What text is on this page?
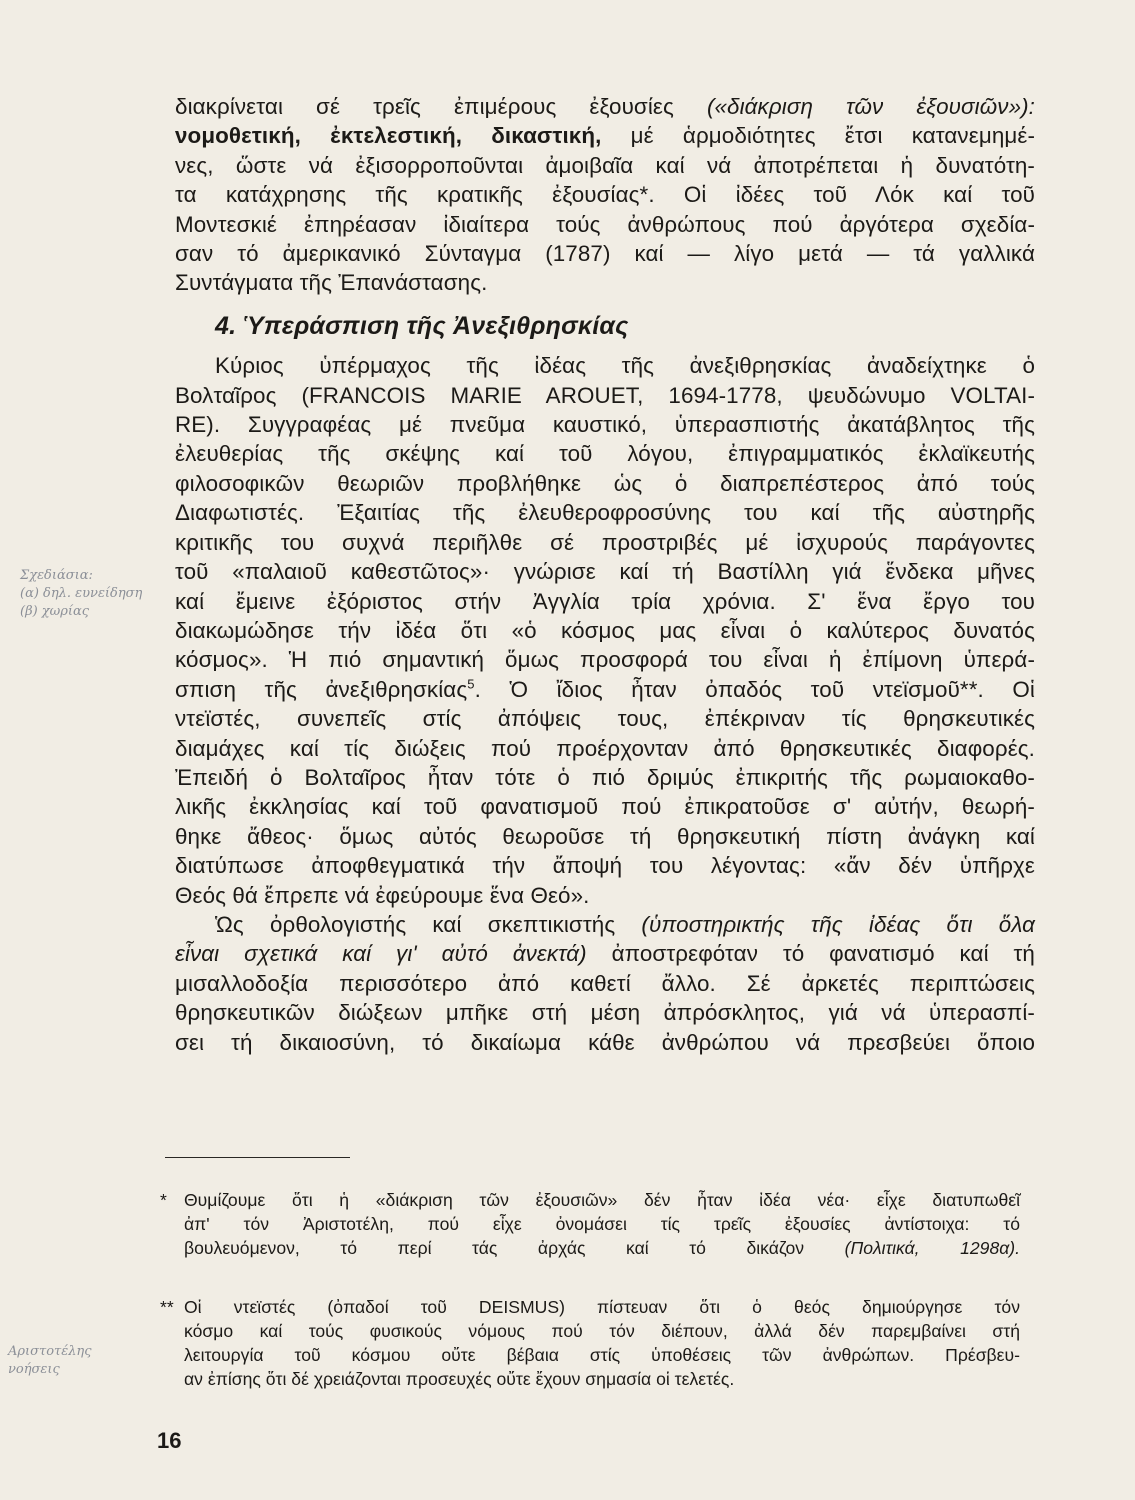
διακρίνεται σέ τρεῖς ἐπιμέρους ἐξουσίες («διάκριση τῶν ἐξουσιῶν»):
νομοθετική, ἐκτελεστική, δικαστική, μέ ἁρμοδιότητες ἔτσι κατανεμημέ-
νες, ὥστε νά ἐξισορροποῦνται ἀμοιβαῖα καί νά ἀποτρέπεται ἡ δυνατότη-
τα κατάχρησης τῆς κρατικῆς ἐξουσίας*. Οἱ ἰδέες τοῦ Λόκ καί τοῦ
Μοντεσκιέ ἐπηρέασαν ἰδιαίτερα τούς ἀνθρώπους πού ἀργότερα σχεδία-
σαν τό ἀμερικανικό Σύνταγμα (1787) καί — λίγο μετά — τά γαλλικά
Συντάγματα τῆς Ἐπανάστασης.
4. Ὑπεράσπιση τῆς Ἀνεξιθρησκίας
Κύριος ὑπέρμαχος τῆς ἰδέας τῆς ἀνεξιθρησκίας ἀναδείχτηκε ὁ
Βολταῖρος (FRANCOIS MARIE AROUET, 1694-1778, ψευδώνυμο VOLTAI-
RE). Συγγραφέας μέ πνεῦμα καυστικό, ὑπερασπιστής ἀκατάβλητος τῆς
ἐλευθερίας τῆς σκέψης καί τοῦ λόγου, ἐπιγραμματικός ἐκλαϊκευτής
φιλοσοφικῶν θεωριῶν προβλήθηκε ὡς ὁ διαπρεπέστερος ἀπό τούς
Διαφωτιστές. Ἐξαιτίας τῆς ἐλευθεροφροσύνης του καί τῆς αὐστηρῆς
κριτικῆς του συχνά περιῆλθε σέ προστριβές μέ ἰσχυρούς παράγοντες
τοῦ «παλαιοῦ καθεστῶτος»· γνώρισε καί τή Βαστίλλη γιά ἕνδεκα μῆνες
καί ἔμεινε ἐξόριστος στήν Ἀγγλία τρία χρόνια. Σ' ἕνα ἔργο του
διακωμώδησε τήν ἰδέα ὅτι «ὁ κόσμος μας εἶναι ὁ καλύτερος δυνατός
κόσμος». Ἡ πιό σημαντική ὅμως προσφορά του εἶναι ἡ ἐπίμονη ὑπερά-
σπιση τῆς ἀνεξιθρησκίας$^5$. Ὁ ἴδιος ἦταν ὀπαδός τοῦ ντεϊσμοῦ**. Οἱ
ντεϊστές, συνεπεῖς στίς ἀπόψεις τους, ἐπέκριναν τίς θρησκευτικές
διαμάχες καί τίς διώξεις πού προέρχονταν ἀπό θρησκευτικές διαφορές.
Ἐπειδή ὁ Βολταῖρος ἦταν τότε ὁ πιό δριμύς ἐπικριτής τῆς ρωμαιοκαθο-
λικῆς ἐκκλησίας καί τοῦ φανατισμοῦ πού ἐπικρατοῦσε σ' αὐτήν, θεωρή-
θηκε ἄθεος· ὅμως αὐτός θεωροῦσε τή θρησκευτική πίστη ἀνάγκη καί
διατύπωσε ἀποφθεγματικά τήν ἄποψή του λέγοντας: «ἄν δέν ὑπῆρχε
Θεός θά ἔπρεπε νά ἐφεύρουμε ἕνα Θεό».
Ὡς ὀρθολογιστής καί σκεπτικιστής (ὑποστηρικτής τῆς ἰδέας ὅτι ὅλα
εἶναι σχετικά καί γι' αὐτό ἀνεκτά) ἀποστρεφόταν τό φανατισμό καί τή
μισαλλοδοξία περισσότερο ἀπό καθετί ἄλλο. Σέ ἀρκετές περιπτώσεις
θρησκευτικῶν διώξεων μπῆκε στή μέση ἀπρόσκλητος, γιά νά ὑπερασπί-
σει τή δικαιοσύνη, τό δικαίωμα κάθε ἀνθρώπου νά πρεσβεύει ὅποιο
* Θυμίζουμε ὅτι ἡ «διάκριση τῶν ἐξουσιῶν» δέν ἦταν ἰδέα νέα· εἶχε διατυπωθεῖ
ἀπ' τόν Ἀριστοτέλη, πού εἶχε ὀνομάσει τίς τρεῖς ἐξουσίες ἀντίστοιχα: τό
βουλευόμενον, τό περί τάς ἀρχάς καί τό δικάζον (Πολιτικά, 1298α).
** Οἱ ντεϊστές (ὀπαδοί τοῦ DEISMUS) πίστευαν ὅτι ὁ θεός δημιούργησε τόν
κόσμο καί τούς φυσικούς νόμους πού τόν διέπουν, ἀλλά δέν παρεμβαίνει στή
λειτουργία τοῦ κόσμου οὔτε βέβαια στίς ὑποθέσεις τῶν ἀνθρώπων. Πρέσβευ-
αν ἐπίσης ὅτι δέ χρειάζονται προσευχές οὔτε ἔχουν σημασία οἱ τελετές.
16
Σχεδιάσια:
(α) δηλ. ευνείδηση
(β) χωρίας
Αριστοτέλης
νοήσεις
